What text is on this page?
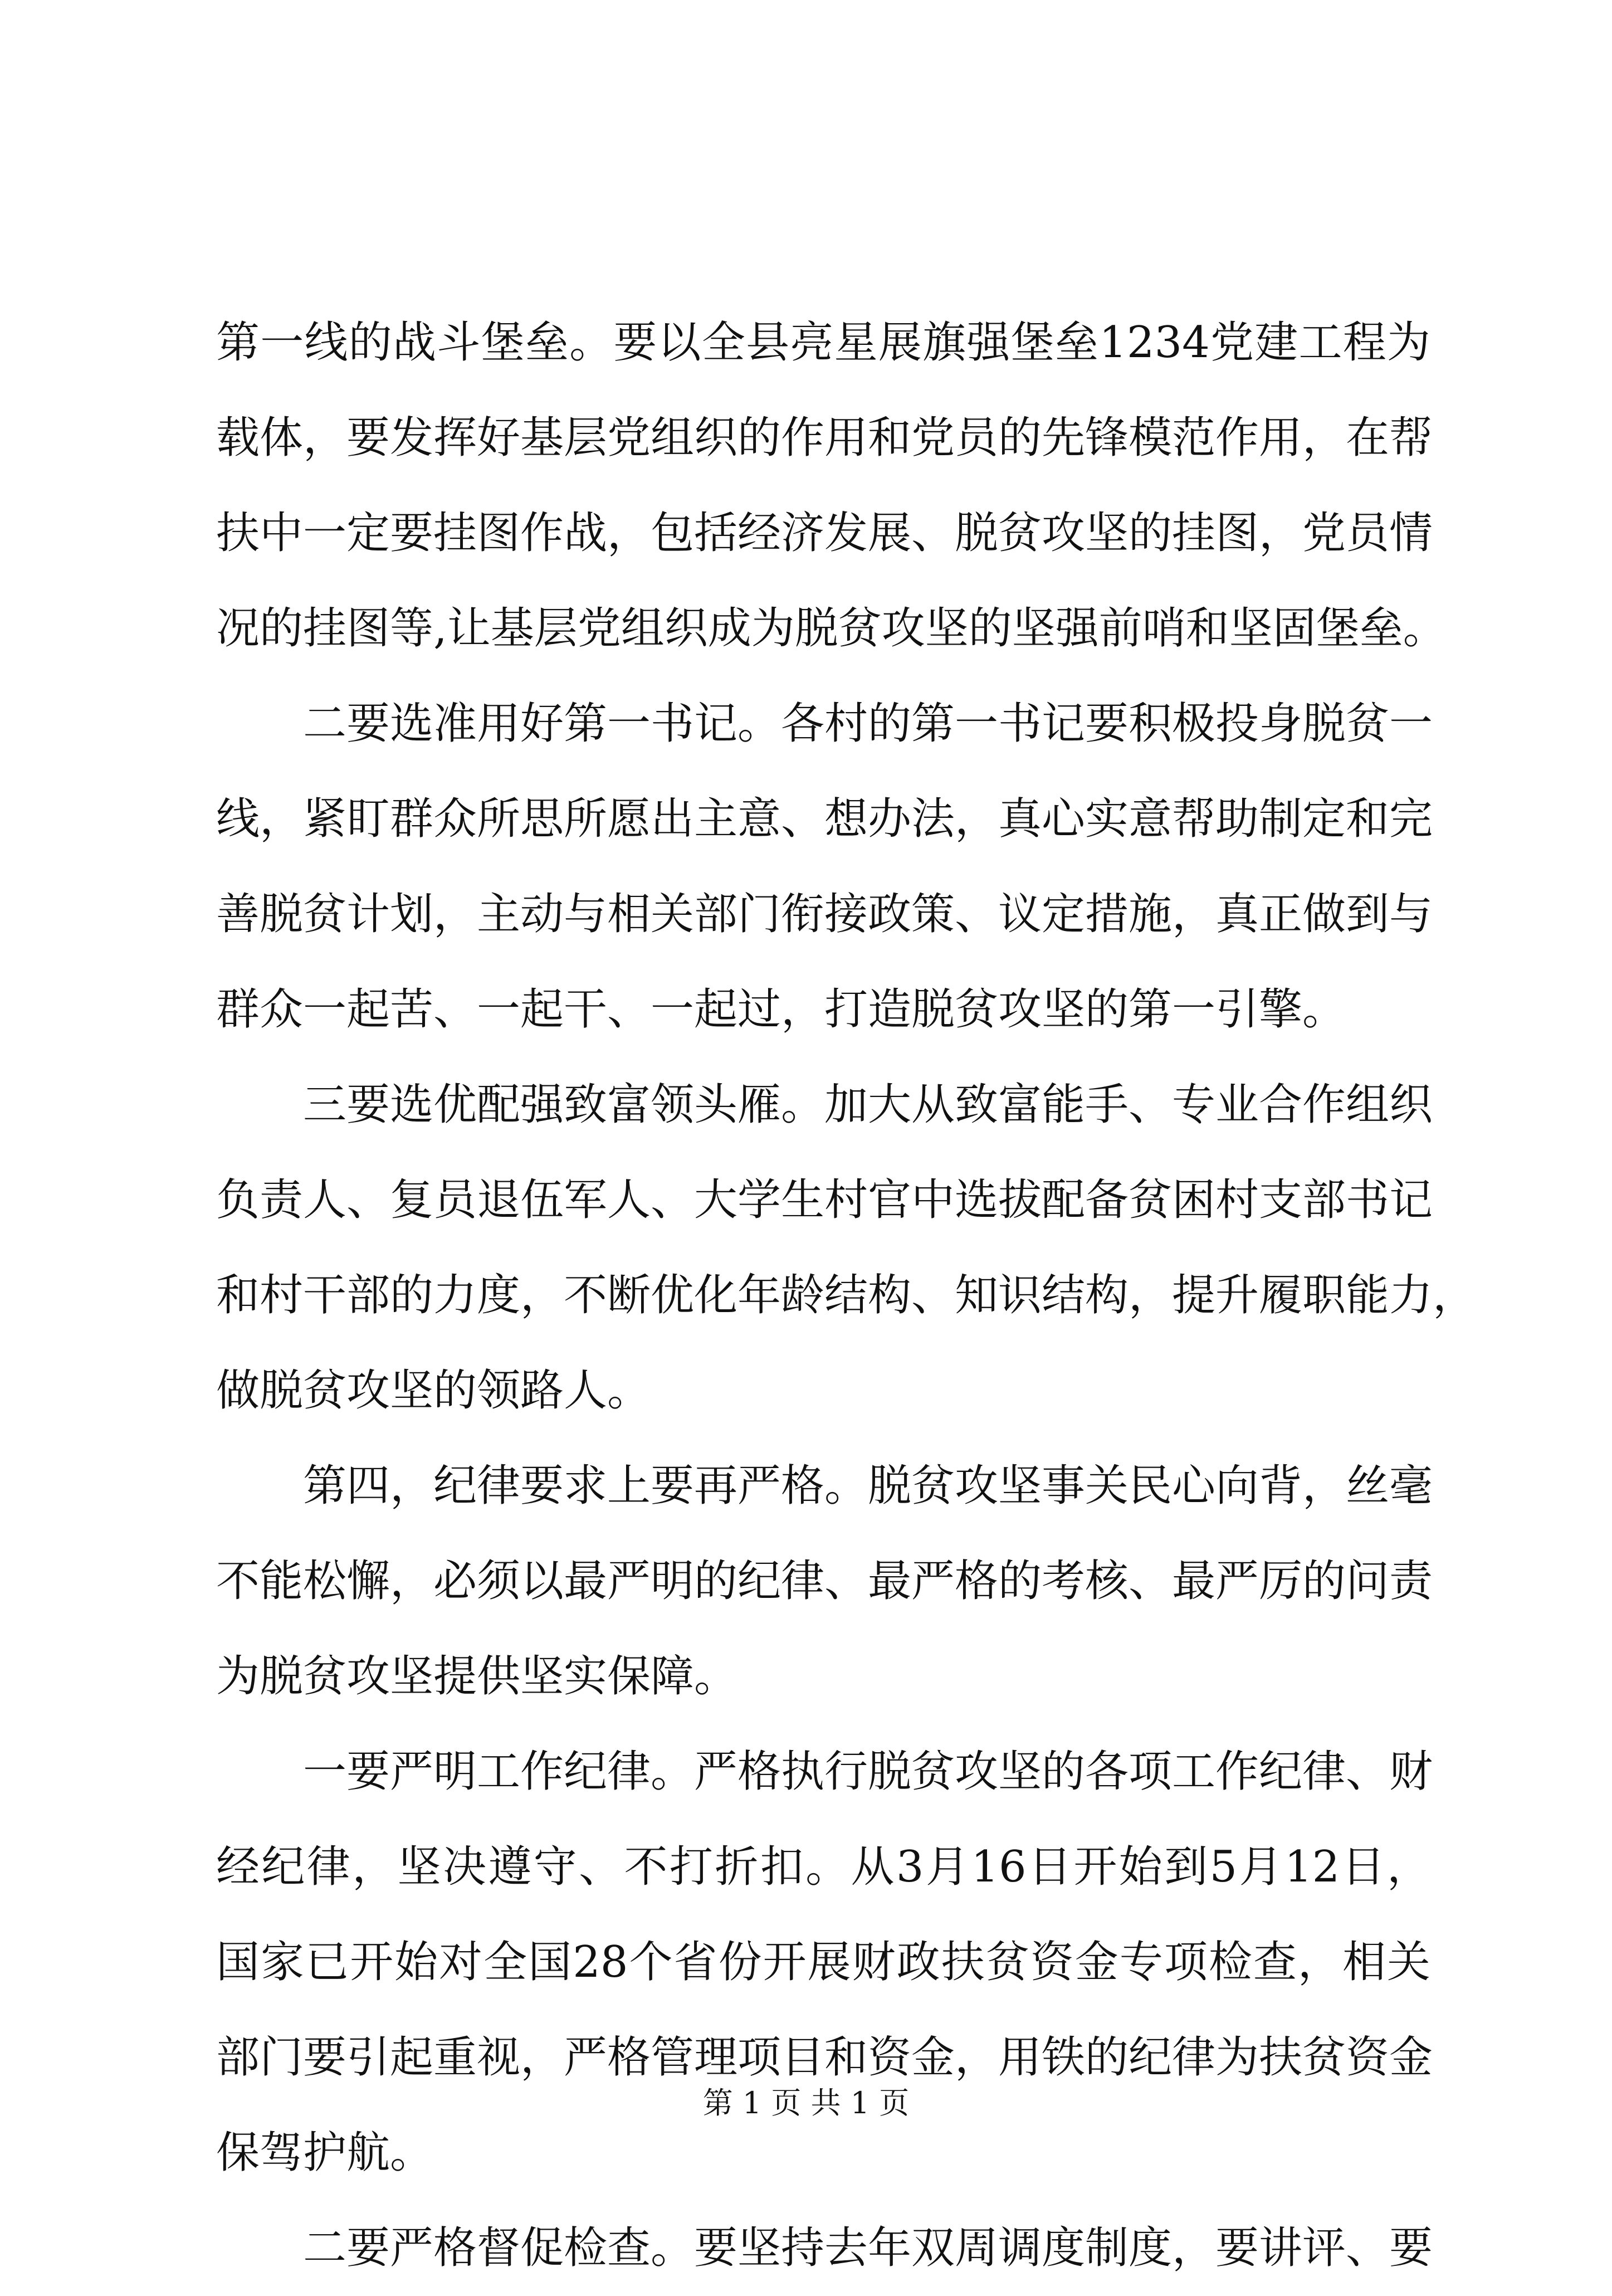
第一线的战斗堡垒。要以全县亮星展旗强堡垒1234党建工程为
载体，要发挥好基层党组织的作用和党员的先锋模范作用，在帮
扶中一定要挂图作战，包括经济发展、脱贫攻坚的挂图，党员情
况的挂图等,让基层党组织成为脱贫攻坚的坚强前哨和坚固堡垒。
二要选准用好第一书记。各村的第一书记要积极投身脱贫一
线，紧盯群众所思所愿出主意、想办法，真心实意帮助制定和完
善脱贫计划，主动与相关部门衔接政策、议定措施，真正做到与
群众一起苦、一起干、一起过，打造脱贫攻坚的第一引擎。
三要选优配强致富领头雁。加大从致富能手、专业合作组织
负责人、复员退伍军人、大学生村官中选拔配备贫困村支部书记
和村干部的力度，不断优化年龄结构、知识结构，提升履职能力，
做脱贫攻坚的领路人。
第四，纪律要求上要再严格。脱贫攻坚事关民心向背，丝毫
不能松懈，必须以最严明的纪律、最严格的考核、最严厉的问责
为脱贫攻坚提供坚实保障。
一要严明工作纪律。严格执行脱贫攻坚的各项工作纪律、财
经纪律，坚决遵守、不打折扣。从3月16日开始到5月12日，
国家已开始对全国28个省份开展财政扶贫资金专项检查，相关
部门要引起重视，严格管理项目和资金，用铁的纪律为扶贫资金
保驾护航。
二要严格督促检查。要坚持去年双周调度制度，要讲评、要
第 1 页 共 1 页
